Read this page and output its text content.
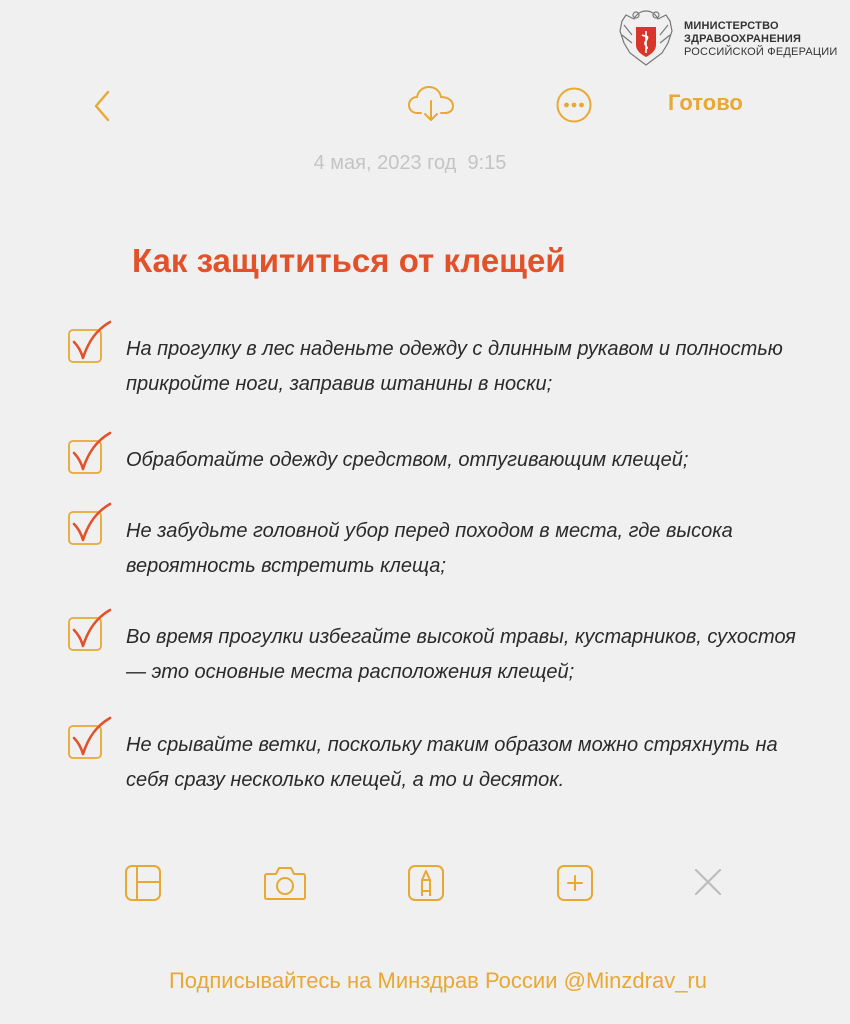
МИНИСТЕРСТВО
ЗДРАВООХРАНЕНИЯ
РОССИЙСКОЙ ФЕДЕРАЦИИ
Готово
4 мая, 2023 год  9:15
Как защититься от клещей
На прогулку в лес наденьте одежду с длинным рукавом и полностью прикройте ноги, заправив штанины в носки;
Обработайте одежду средством, отпугивающим клещей;
Не забудьте головной убор перед походом в места, где высока вероятность встретить клеща;
Во время прогулки избегайте высокой травы, кустарников, сухостоя — это основные места расположения клещей;
Не срывайте ветки, поскольку таким образом можно стряхнуть на себя сразу несколько клещей, а то и десяток.
Подписывайтесь на Минздрав России @Minzdrav_ru
